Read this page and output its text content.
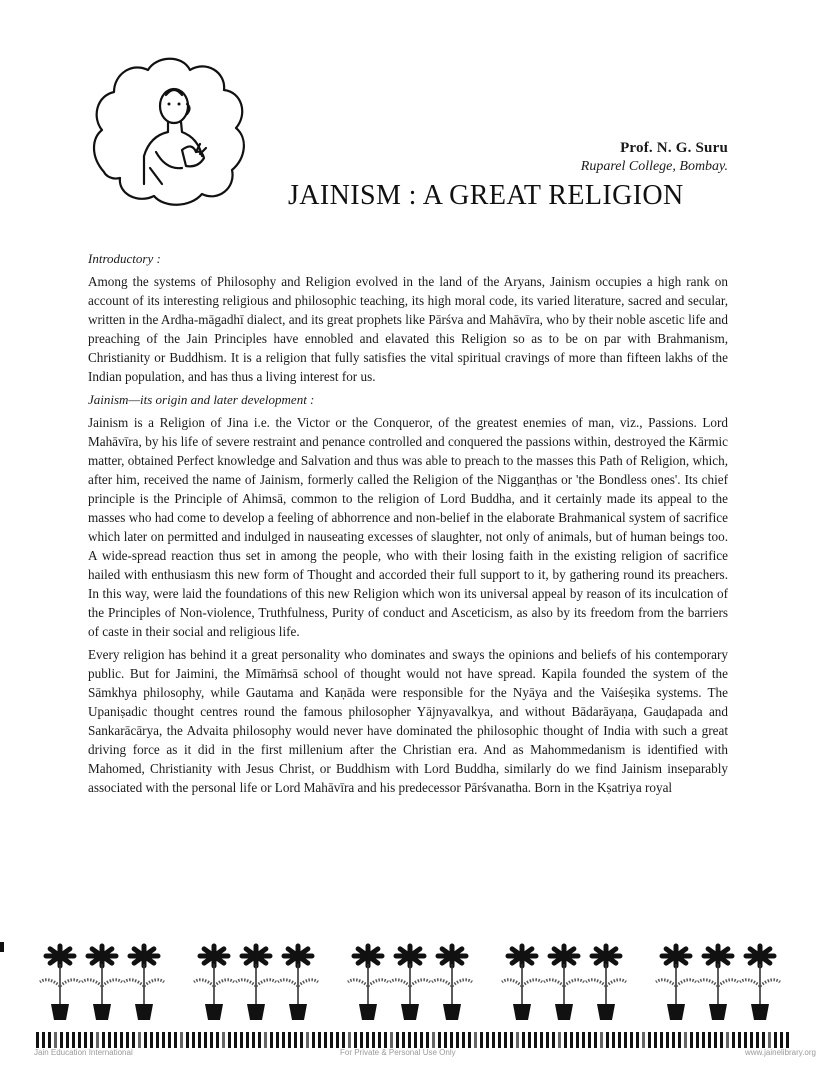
Prof. N. G. Suru
Ruparel College, Bombay.
JAINISM : A GREAT RELIGION

Introductory :

Among the systems of Philosophy and Religion evolved in the land of the Aryans, Jainism occupies a high rank on account of its interesting religious and philosophic teaching, its high moral code, its varied literature, sacred and secular, written in the Ardha-māgadhī dialect, and its great prophets like Pārśva and Mahāvīra, who by their noble ascetic life and preaching of the Jain Principles have ennobled and elavated this Religion so as to be on par with Brahmanism, Christianity or Buddhism. It is a religion that fully satisfies the vital spiritual cravings of more than fifteen lakhs of the Indian population, and has thus a living interest for us.

Jainism—its origin and later development :

Jainism is a Religion of Jina i.e. the Victor or the Conqueror, of the greatest enemies of man, viz., Passions. Lord Mahāvīra, by his life of severe restraint and penance controlled and conquered the passions within, destroyed the Kārmic matter, obtained Perfect knowledge and Salvation and thus was able to preach to the masses this Path of Religion, which, after him, received the name of Jainism, formerly called the Religion of the Nigganṭhas or 'the Bondless ones'. Its chief principle is the Principle of Ahimsā, common to the religion of Lord Buddha, and it certainly made its appeal to the masses who had come to develop a feeling of abhorrence and non-belief in the elaborate Brahmanical system of sacrifice which later on permitted and indulged in nauseating excesses of slaughter, not only of animals, but of human beings too. A wide-spread reaction thus set in among the people, who with their losing faith in the existing religion of sacrifice hailed with enthusiasm this new form of Thought and accorded their full support to it, by gathering round its preachers. In this way, were laid the foundations of this new Religion which won its universal appeal by reason of its inculcation of the Principles of Non-violence, Truthfulness, Purity of conduct and Asceticism, as also by its freedom from the barriers of caste in their social and religious life.

Every religion has behind it a great personality who dominates and sways the opinions and beliefs of his contemporary public. But for Jaimini, the Mīmāṁsā school of thought would not have spread. Kapila founded the system of the Sāmkhya philosophy, while Gautama and Kaṇāda were responsible for the Nyāya and the Vaiśeṣika systems. The Upaniṣadic thought centres round the famous philosopher Yājnyavalkya, and without Bādarāyaṇa, Gauḍapada and Sankarācārya, the Advaita philosophy would never have dominated the philosophic thought of India with such a great driving force as it did in the first millenium after the Christian era. And as Mahommedanism is identified with Mahomed, Christianity with Jesus Christ, or Buddhism with Lord Buddha, similarly do we find Jainism inseparably associated with the personal life or Lord Mahāvīra and his predecessor Pārśvanatha. Born in the Kṣatriya royal

Jain Education International	For Private & Personal Use Only	www.jainelibrary.org
